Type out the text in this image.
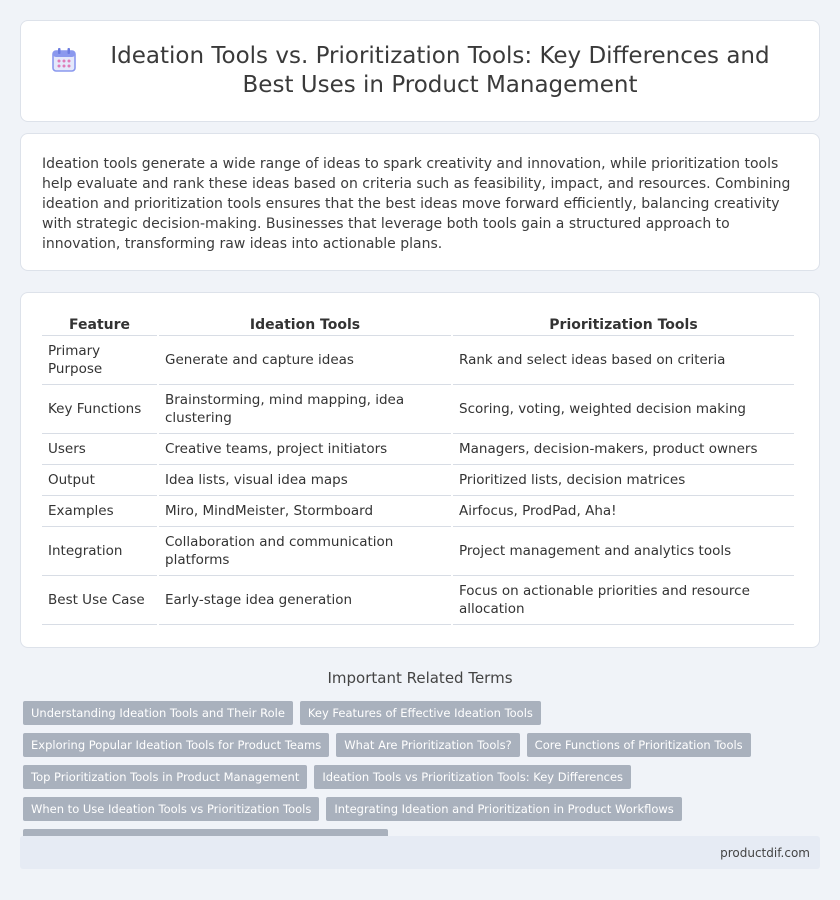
Ideation Tools vs. Prioritization Tools: Key Differences and Best Uses in Product Management

Ideation tools generate a wide range of ideas to spark creativity and innovation, while prioritization tools help evaluate and rank these ideas based on criteria such as feasibility, impact, and resources. Combining ideation and prioritization tools ensures that the best ideas move forward efficiently, balancing creativity with strategic decision-making. Businesses that leverage both tools gain a structured approach to innovation, transforming raw ideas into actionable plans.

Feature	Ideation Tools	Prioritization Tools
Primary Purpose	Generate and capture ideas	Rank and select ideas based on criteria
Key Functions	Brainstorming, mind mapping, idea clustering	Scoring, voting, weighted decision making
Users	Creative teams, project initiators	Managers, decision-makers, product owners
Output	Idea lists, visual idea maps	Prioritized lists, decision matrices
Examples	Miro, MindMeister, Stormboard	Airfocus, ProdPad, Aha!
Integration	Collaboration and communication platforms	Project management and analytics tools
Best Use Case	Early-stage idea generation	Focus on actionable priorities and resource allocation
Important Related Terms
Understanding Ideation Tools and Their Role	Key Features of Effective Ideation Tools
Exploring Popular Ideation Tools for Product Teams	What Are Prioritization Tools?	Core Functions of Prioritization Tools
Top Prioritization Tools in Product Management	Ideation Tools vs Prioritization Tools: Key Differences
When to Use Ideation Tools vs Prioritization Tools	Integrating Ideation and Prioritization in Product Workflows
productdif.com
